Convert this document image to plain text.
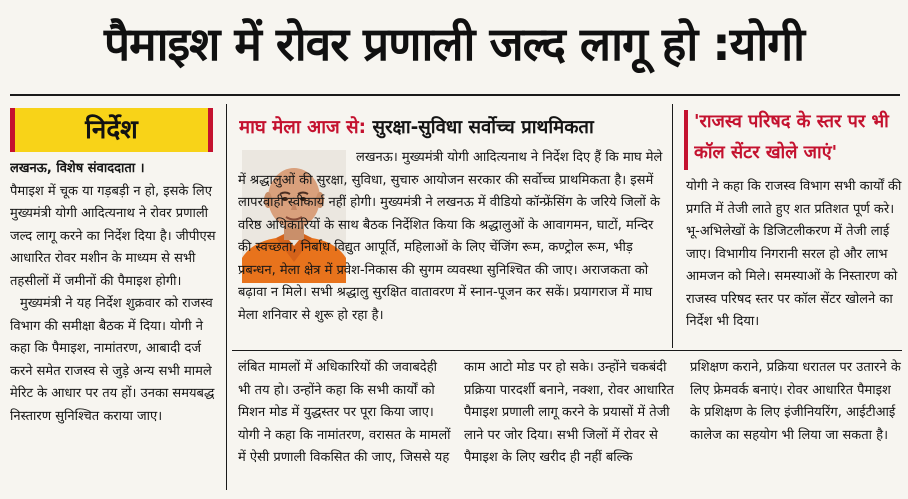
पैमाइश में रोवर प्रणाली जल्द लागू हो :योगी
निर्देश

लखनऊ, विशेष संवाददाता ।
पैमाइश में चूक या गड़बड़ी न हो, इसके लिए मुख्यमंत्री योगी आदित्यनाथ ने रोवर प्रणाली जल्द लागू करने का निर्देश दिया है। जीपीएस आधारित रोवर मशीन के माध्यम से सभी तहसीलों में जमीनों की पैमाइश होगी।

मुख्यमंत्री ने यह निर्देश शुक्रवार को राजस्व विभाग की समीक्षा बैठक में दिया। योगी ने कहा कि पैमाइश, नामांतरण, आबादी दर्ज करने समेत राजस्व से जुड़े अन्य सभी मामले मेरिट के आधार पर तय हों। उनका समयबद्ध निस्तारण सुनिश्चित कराया जाए।

माघ मेला आज से: सुरक्षा-सुविधा सर्वोच्च प्राथमिकता
लखनऊ। मुख्यमंत्री योगी आदित्यनाथ ने निर्देश दिए हैं कि माघ मेले में श्रद्धालुओं की सुरक्षा, सुविधा, सुचारु आयोजन सरकार की सर्वोच्च प्राथमिकता है। इसमें लापरवाही स्वीकार्य नहीं होगी। मुख्यमंत्री ने लखनऊ में वीडियो कॉन्फ्रेंसिंग के जरिये जिलों के वरिष्ठ अधिकारियों के साथ बैठक निर्देशित किया कि श्रद्धालुओं के आवागमन, घाटों, मन्दिर की स्वच्छता, निर्बाध विद्युत आपूर्ति, महिलाओं के लिए चेंजिंग रूम, कण्ट्रोल रूम, भीड़ प्रबन्धन, मेला क्षेत्र में प्रवेश-निकास की सुगम व्यवस्था सुनिश्चित की जाए। अराजकता को बढ़ावा न मिले। सभी श्रद्धालु सुरक्षित वातावरण में स्नान-पूजन कर सकें। प्रयागराज में माघ मेला शनिवार से शुरू हो रहा है।
'राजस्व परिषद के स्तर पर भी कॉल सेंटर खोले जाएं'
योगी ने कहा कि राजस्व विभाग सभी कार्यों की प्रगति में तेजी लाते हुए शत प्रतिशत पूर्ण करे। भू-अभिलेखों के डिजिटलीकरण में तेजी लाई जाए। विभागीय निगरानी सरल हो और लाभ आमजन को मिले। समस्याओं के निस्तारण को राजस्व परिषद स्तर पर कॉल सेंटर खोलने का निर्देश भी दिया।
लंबित मामलों में अधिकारियों की जवाबदेही भी तय हो। उन्होंने कहा कि सभी कार्यों को मिशन मोड में युद्धस्तर पर पूरा किया जाए। योगी ने कहा कि नामांतरण, वरासत के मामलों में ऐसी प्रणाली विकसित की जाए, जिससे यह
काम आटो मोड पर हो सके। उन्होंने चकबंदी प्रक्रिया पारदर्शी बनाने, नक्शा, रोवर आधारित पैमाइश प्रणाली लागू करने के प्रयासों में तेजी लाने पर जोर दिया। सभी जिलों में रोवर से पैमाइश के लिए खरीद ही नहीं बल्कि
प्रशिक्षण कराने, प्रक्रिया धरातल पर उतारने के लिए फ्रेमवर्क बनाएं। रोवर आधारित पैमाइश के प्रशिक्षण के लिए इंजीनियरिंग, आईटीआई कालेज का सहयोग भी लिया जा सकता है।
